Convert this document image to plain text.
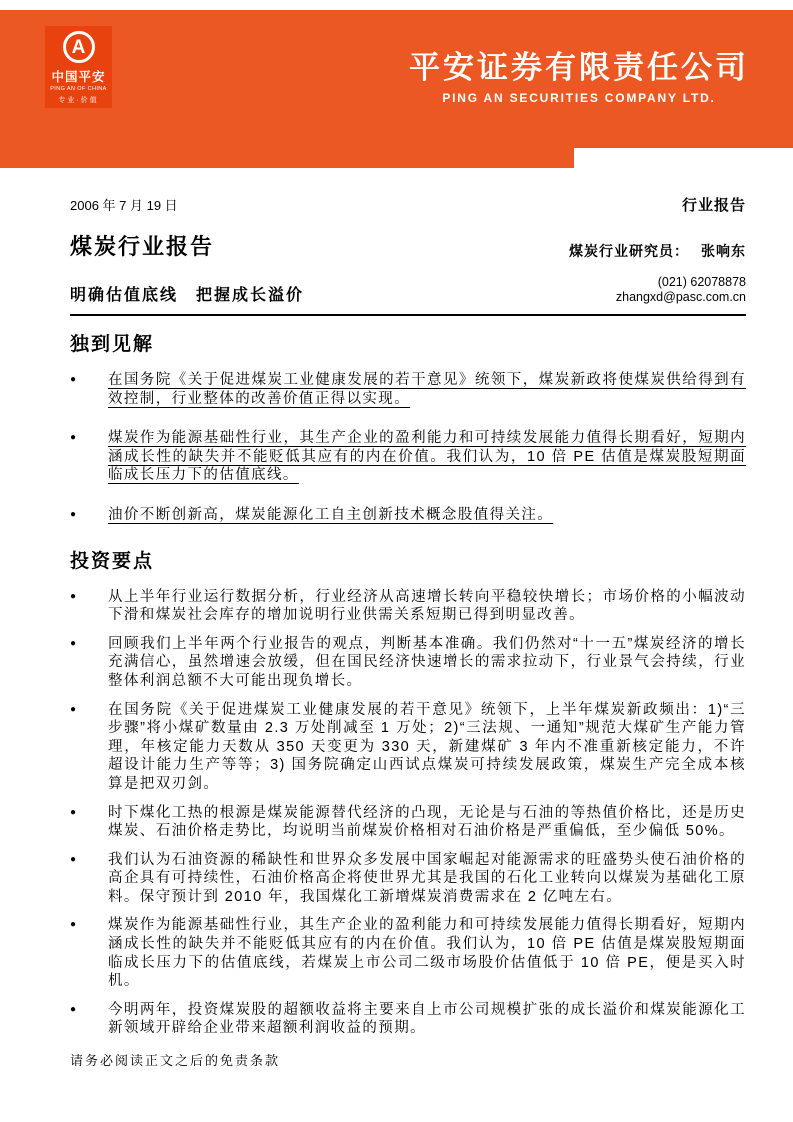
A
中国平安
PING AN OF CHINA
专业·价值
平安证券有限责任公司
PING AN SECURITIES COMPANY LTD.
2006 年 7 月 19 日	行业报告
煤炭行业报告	煤炭行业研究员： 张响东
明确估值底线　把握成长溢价
(021) 62078878
zhangxd@pasc.com.cn
独到见解
●	在国务院《关于促进煤炭工业健康发展的若干意见》统领下，煤炭新政将使煤炭供给得到有效控制，行业整体的改善价值正得以实现。

●	煤炭作为能源基础性行业，其生产企业的盈利能力和可持续发展能力值得长期看好，短期内涵成长性的缺失并不能贬低其应有的内在价值。我们认为，10 倍 PE 估值是煤炭股短期面临成长压力下的估值底线。

●	油价不断创新高，煤炭能源化工自主创新技术概念股值得关注。

投资要点
●	从上半年行业运行数据分析，行业经济从高速增长转向平稳较快增长；市场价格的小幅波动下滑和煤炭社会库存的增加说明行业供需关系短期已得到明显改善。

●	回顾我们上半年两个行业报告的观点，判断基本准确。我们仍然对“十一五”煤炭经济的增长充满信心，虽然增速会放缓，但在国民经济快速增长的需求拉动下，行业景气会持续，行业整体利润总额不大可能出现负增长。

●	在国务院《关于促进煤炭工业健康发展的若干意见》统领下，上半年煤炭新政频出：1)“三步骤”将小煤矿数量由 2.3 万处削减至 1 万处；2)“三法规、一通知”规范大煤矿生产能力管理，年核定能力天数从 350 天变更为 330 天，新建煤矿 3 年内不准重新核定能力，不许超设计能力生产等等；3) 国务院确定山西试点煤炭可持续发展政策，煤炭生产完全成本核算是把双刃剑。

●	时下煤化工热的根源是煤炭能源替代经济的凸现，无论是与石油的等热值价格比，还是历史煤炭、石油价格走势比，均说明当前煤炭价格相对石油价格是严重偏低，至少偏低 50%。

●	我们认为石油资源的稀缺性和世界众多发展中国家崛起对能源需求的旺盛势头使石油价格的高企具有可持续性，石油价格高企将使世界尤其是我国的石化工业转向以煤炭为基础化工原料。保守预计到 2010 年，我国煤化工新增煤炭消费需求在 2 亿吨左右。

●	煤炭作为能源基础性行业，其生产企业的盈利能力和可持续发展能力值得长期看好，短期内涵成长性的缺失并不能贬低其应有的内在价值。我们认为，10 倍 PE 估值是煤炭股短期面临成长压力下的估值底线，若煤炭上市公司二级市场股价估值低于 10 倍 PE，便是买入时机。

●	今明两年，投资煤炭股的超额收益将主要来自上市公司规模扩张的成长溢价和煤炭能源化工新领域开辟给企业带来超额利润收益的预期。

请务必阅读正文之后的免责条款
